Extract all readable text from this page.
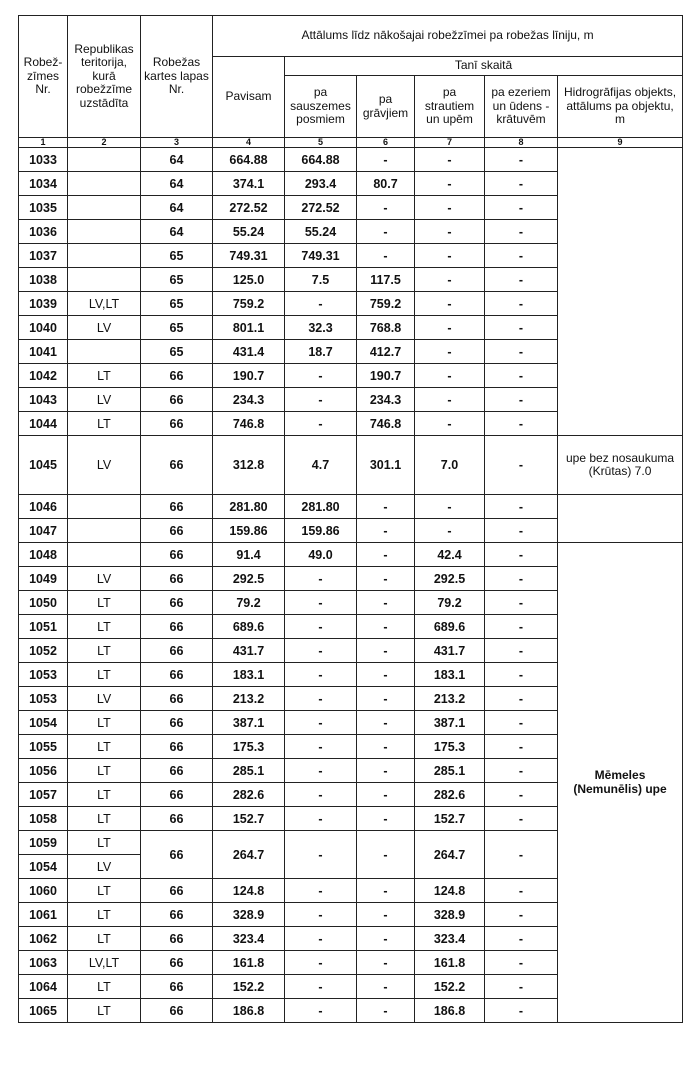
Robež-zīmes Nr.	Republikas teritorija, kurā robežzīme uzstādīta	Robežas kartes lapas Nr.	Attālums līdz nākošajai robežzīmei pa robežas līniju, m					
			Pavisam	Tanī skaitā				
				pa sauszemes posmiem	pa grāvjiem	pa strautiem un upēm	pa ezeriem un ūdens - krātuvēm	Hidrogrāfijas objekts, attālums pa objektu, m
1	2	3	4	5	6	7	8	9
1033		64	664.88	664.88	-	-	-	
1034		64	374.1	293.4	80.7	-	-	
1035		64	272.52	272.52	-	-	-	
1036		64	55.24	55.24	-	-	-	
1037		65	749.31	749.31	-	-	-	
1038		65	125.0	7.5	117.5	-	-	
1039	LV,LT	65	759.2	-	759.2	-	-	
1040	LV	65	801.1	32.3	768.8	-	-	
1041		65	431.4	18.7	412.7	-	-	
1042	LT	66	190.7	-	190.7	-	-	
1043	LV	66	234.3	-	234.3	-	-	
1044	LT	66	746.8	-	746.8	-	-	
1045	LV	66	312.8	4.7	301.1	7.0	-	upe bez nosaukuma (Krūtas) 7.0
1046		66	281.80	281.80	-	-	-	
1047		66	159.86	159.86	-	-	-	
1048		66	91.4	49.0	-	42.4	-	Mēmeles
(Nemunēlis) upe

1049	LV	66	292.5	-	-	292.5	-	
1050	LT	66	79.2	-	-	79.2	-	
1051	LT	66	689.6	-	-	689.6	-	
1052	LT	66	431.7	-	-	431.7	-	
1053	LT	66	183.1	-	-	183.1	-	
1053	LV	66	213.2	-	-	213.2	-	
1054	LT	66	387.1	-	-	387.1	-	
1055	LT	66	175.3	-	-	175.3	-	
1056	LT	66	285.1	-	-	285.1	-	
1057	LT	66	282.6	-	-	282.6	-	
1058	LT	66	152.7	-	-	152.7	-	
1059	LT	66	264.7	-	-	264.7	-	
1054	LV							
1060	LT	66	124.8	-	-	124.8	-	
1061	LT	66	328.9	-	-	328.9	-	
1062	LT	66	323.4	-	-	323.4	-	
1063	LV,LT	66	161.8	-	-	161.8	-	
1064	LT	66	152.2	-	-	152.2	-	
1065	LT	66	186.8	-	-	186.8	-	
